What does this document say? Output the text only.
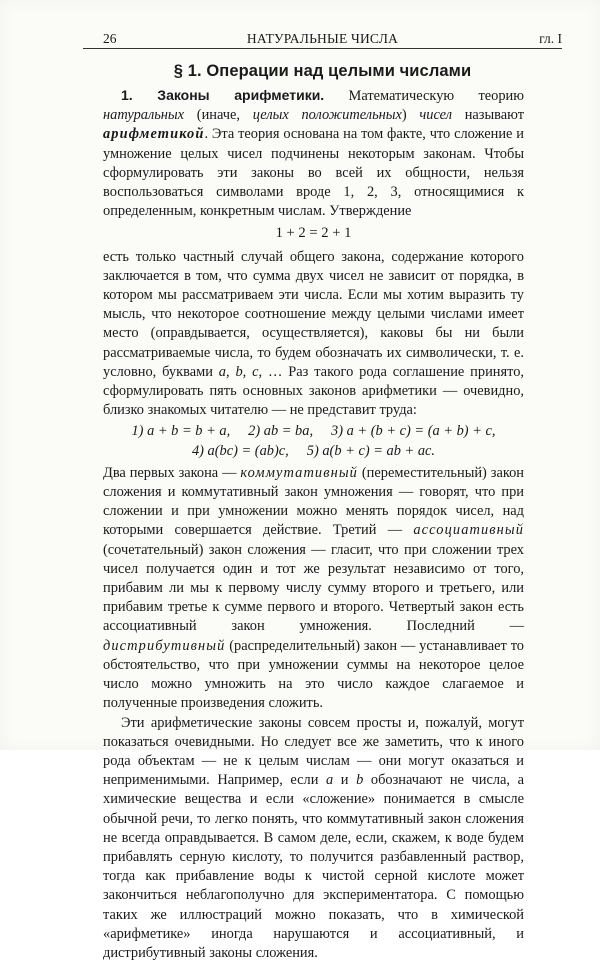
26	НАТУРАЛЬНЫЕ ЧИСЛА	гл. I
§ 1. Операции над целыми числами

1. Законы арифметики. Математическую теорию натуральных (иначе, целых положительных) чисел называют арифметикой. Эта теория основана на том факте, что сложение и умножение целых чисел подчинены некоторым законам. Чтобы сформулировать эти законы во всей их общности, нельзя воспользоваться символами вроде 1, 2, 3, относящимися к определенным, конкретным числам. Утверждение

1 + 2 = 2 + 1

есть только частный случай общего закона, содержание которого заключается в том, что сумма двух чисел не зависит от порядка, в котором мы рассматриваем эти числа. Если мы хотим выразить ту мысль, что некоторое соотношение между целыми числами имеет место (оправдывается, осуществляется), каковы бы ни были рассматриваемые числа, то будем обозначать их символически, т. е. условно, буквами a, b, c, … Раз такого рода соглашение принято, сформулировать пять основных законов арифметики — очевидно, близко знакомых читателю — не представит труда:

1) a + b = b + a, 2) ab = ba, 3) a + (b + c) = (a + b) + c,
4) a(bc) = (ab)c, 5) a(b + c) = ab + ac.

Два первых закона — коммутативный (переместительный) закон сложения и коммутативный закон умножения — говорят, что при сложении и при умножении можно менять порядок чисел, над которыми совершается действие. Третий — ассоциативный (сочетательный) закон сложения — гласит, что при сложении трех чисел получается один и тот же результат независимо от того, прибавим ли мы к первому числу сумму второго и третьего, или прибавим третье к сумме первого и второго. Четвертый закон есть ассоциативный закон умножения. Последний — дистрибутивный (распределительный) закон — устанавливает то обстоятельство, что при умножении суммы на некоторое целое число можно умножить на это число каждое слагаемое и полученные произведения сложить.

Эти арифметические законы совсем просты и, пожалуй, могут показаться очевидными. Но следует все же заметить, что к иного рода объектам — не к целым числам — они могут оказаться и неприменимыми. Например, если a и b обозначают не числа, а химические вещества и если «сложение» понимается в смысле обычной речи, то легко понять, что коммутативный закон сложения не всегда оправдывается. В самом деле, если, скажем, к воде будем прибавлять серную кислоту, то получится разбавленный раствор, тогда как прибавление воды к чистой серной кислоте может закончиться неблагополучно для экспериментатора. С помощью таких же иллюстраций можно показать, что в химической «арифметике» иногда нарушаются и ассоциативный, и дистрибутивный законы сложения.
